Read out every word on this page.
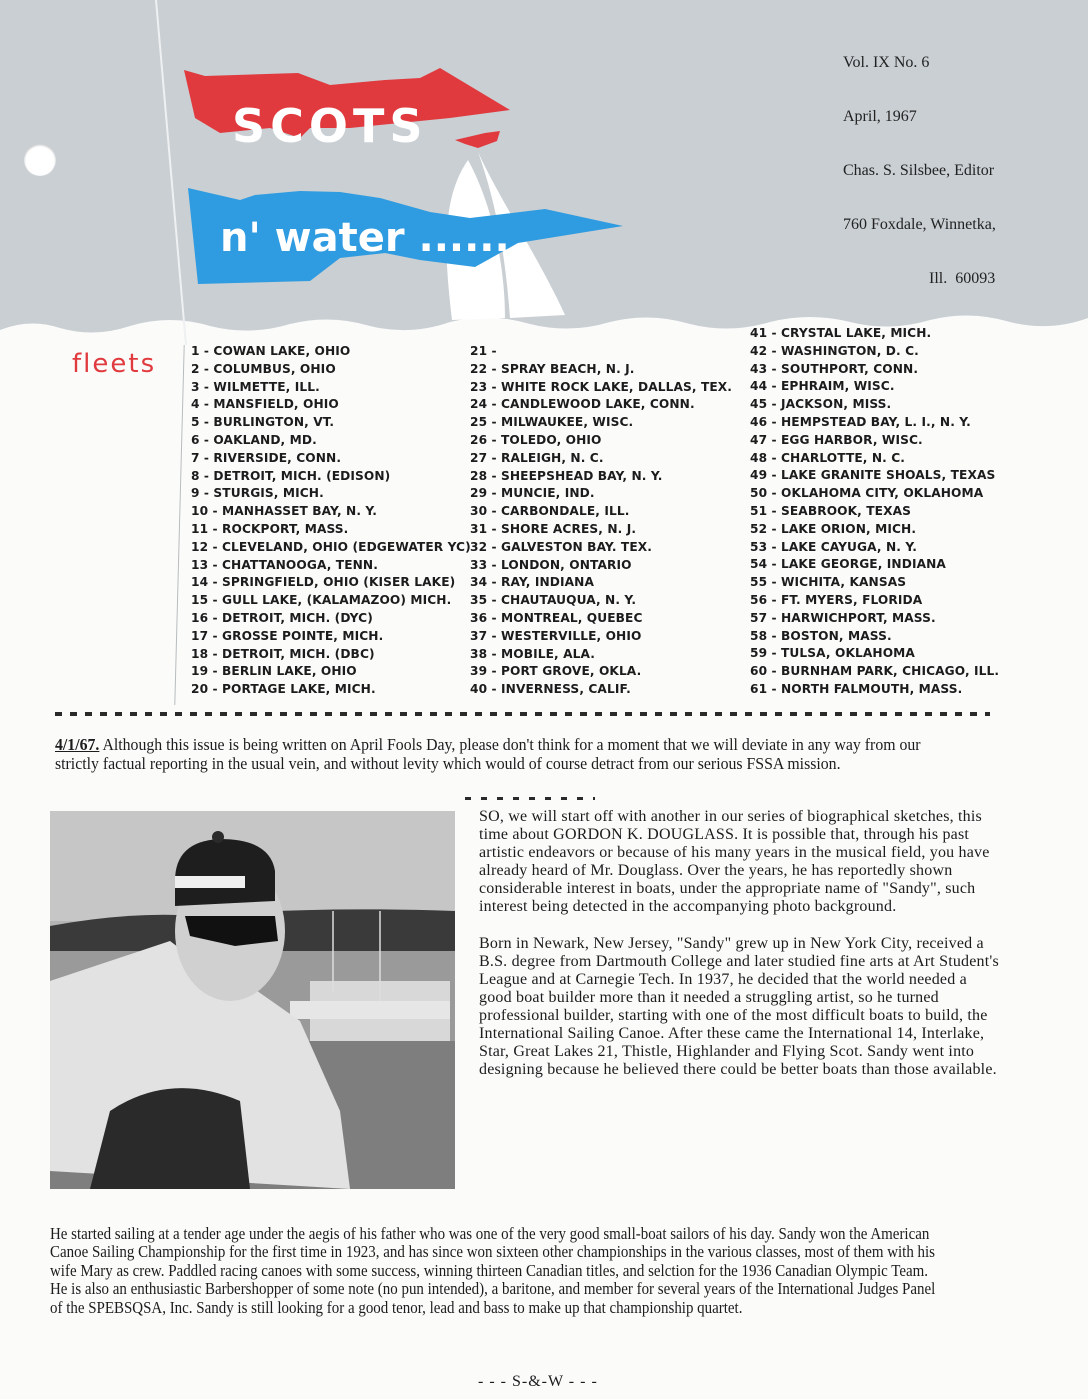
SCOTS
n' water ......

Vol. IX No. 6

April, 1967

Chas. S. Silsbee, Editor

760 Foxdale, Winnetka,

Ill.  60093

fleets	1 - COWAN LAKE, OHIO
2 - COLUMBUS, OHIO
3 - WILMETTE, ILL.
4 - MANSFIELD, OHIO
5 - BURLINGTON, VT.
6 - OAKLAND, MD.
7 - RIVERSIDE, CONN.
8 - DETROIT, MICH. (EDISON)
9 - STURGIS, MICH.
10 - MANHASSET BAY, N. Y.
11 - ROCKPORT, MASS.
12 - CLEVELAND, OHIO (EDGEWATER YC)
13 - CHATTANOOGA, TENN.
14 - SPRINGFIELD, OHIO (KISER LAKE)
15 - GULL LAKE, (KALAMAZOO) MICH.
16 - DETROIT, MICH. (DYC)
17 - GROSSE POINTE, MICH.
18 - DETROIT, MICH. (DBC)
19 - BERLIN LAKE, OHIO
20 - PORTAGE LAKE, MICH.
21 -
22 - SPRAY BEACH, N. J.
23 - WHITE ROCK LAKE, DALLAS, TEX.
24 - CANDLEWOOD LAKE, CONN.
25 - MILWAUKEE, WISC.
26 - TOLEDO, OHIO
27 - RALEIGH, N. C.
28 - SHEEPSHEAD BAY, N. Y.
29 - MUNCIE, IND.
30 - CARBONDALE, ILL.
31 - SHORE ACRES, N. J.
32 - GALVESTON BAY. TEX.
33 - LONDON, ONTARIO
34 - RAY, INDIANA
35 - CHAUTAUQUA, N. Y.
36 - MONTREAL, QUEBEC
37 - WESTERVILLE, OHIO
38 - MOBILE, ALA.
39 - PORT GROVE, OKLA.
40 - INVERNESS, CALIF.
41 - CRYSTAL LAKE, MICH.
42 - WASHINGTON, D. C.
43 - SOUTHPORT, CONN.
44 - EPHRAIM, WISC.
45 - JACKSON, MISS.
46 - HEMPSTEAD BAY, L. I., N. Y.
47 - EGG HARBOR, WISC.
48 - CHARLOTTE, N. C.
49 - LAKE GRANITE SHOALS, TEXAS
50 - OKLAHOMA CITY, OKLAHOMA
51 - SEABROOK, TEXAS
52 - LAKE ORION, MICH.
53 - LAKE CAYUGA, N. Y.
54 - LAKE GEORGE, INDIANA
55 - WICHITA, KANSAS
56 - FT. MYERS, FLORIDA
57 - HARWICHPORT, MASS.
58 - BOSTON, MASS.
59 - TULSA, OKLAHOMA
60 - BURNHAM PARK, CHICAGO, ILL.
61 - NORTH FALMOUTH, MASS.
4/1/67. Although this issue is being written on April Fools Day, please don't think for a moment that we will deviate in any way from our strictly factual reporting in the usual vein, and without levity which would of course detract from our serious FSSA mission.

SO, we will start off with another in our series of biographical sketches, this time about GORDON K. DOUGLASS. It is possible that, through his past artistic endeavors or because of his many years in the musical field, you have already heard of Mr. Douglass. Over the years, he has reportedly shown considerable interest in boats, under the appropriate name of "Sandy", such interest being detected in the accompanying photo background.

Born in Newark, New Jersey, "Sandy" grew up in New York City, received a B.S. degree from Dartmouth College and later studied fine arts at Art Student's League and at Carnegie Tech. In 1937, he decided that the world needed a good boat builder more than it needed a struggling artist, so he turned professional builder, starting with one of the most difficult boats to build, the International Sailing Canoe. After these came the International 14, Interlake, Star, Great Lakes 21, Thistle, Highlander and Flying Scot. Sandy went into designing because he believed there could be better boats than those available.

He started sailing at a tender age under the aegis of his father who was one of the very good small-boat sailors of his day. Sandy won the American Canoe Sailing Championship for the first time in 1923, and has since won sixteen other championships in the various classes, most of them with his wife Mary as crew. Paddled racing canoes with some success, winning thirteen Canadian titles, and selction for the 1936 Canadian Olympic Team. He is also an enthusiastic Barbershopper of some note (no pun intended), a baritone, and member for several years of the International Judges Panel of the SPEBSQSA, Inc. Sandy is still looking for a good tenor, lead and bass to make up that championship quartet.
- - - S-&-W - - -
